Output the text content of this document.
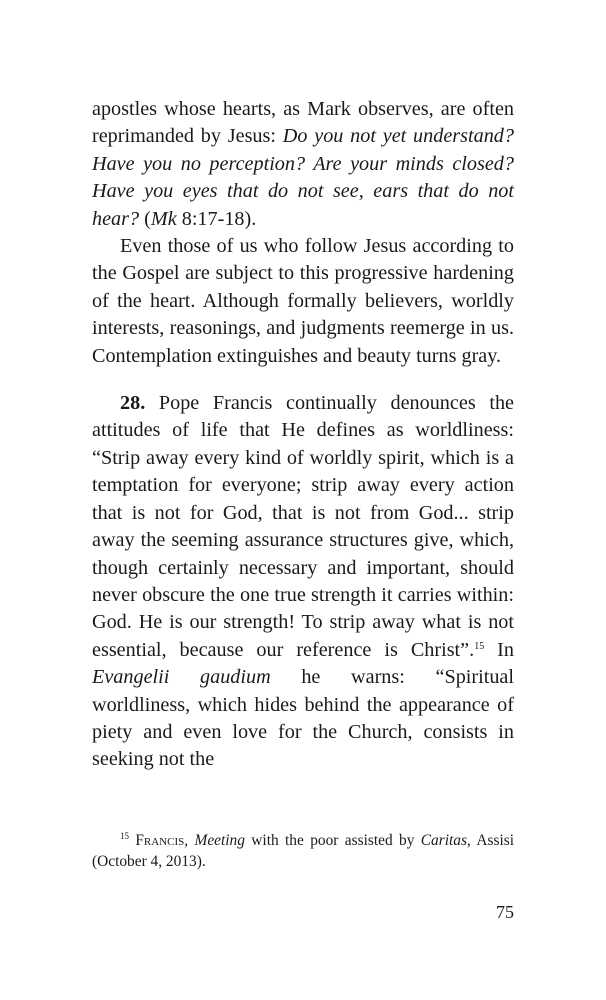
apostles whose hearts, as Mark observes, are often reprimanded by Jesus: Do you not yet understand? Have you no perception? Are your minds closed? Have you eyes that do not see, ears that do not hear? (Mk 8:17-18).

Even those of us who follow Jesus according to the Gospel are subject to this progressive hardening of the heart. Although formally believers, worldly interests, reasonings, and judgments reemerge in us. Contemplation extinguishes and beauty turns gray.

28. Pope Francis continually denounces the attitudes of life that He defines as worldliness: “Strip away every kind of worldly spirit, which is a temptation for everyone; strip away every action that is not for God, that is not from God... strip away the seeming assurance structures give, which, though certainly necessary and important, should never obscure the one true strength it carries within: God. He is our strength! To strip away what is not essential, because our reference is Christ”.$^{15}$ In Evangelii gaudium he warns: “Spiritual worldliness, which hides behind the appearance of piety and even love for the Church, consists in seeking not the

$^{15}$ Francis, Meeting with the poor assisted by Caritas, Assisi (October 4, 2013).

75
